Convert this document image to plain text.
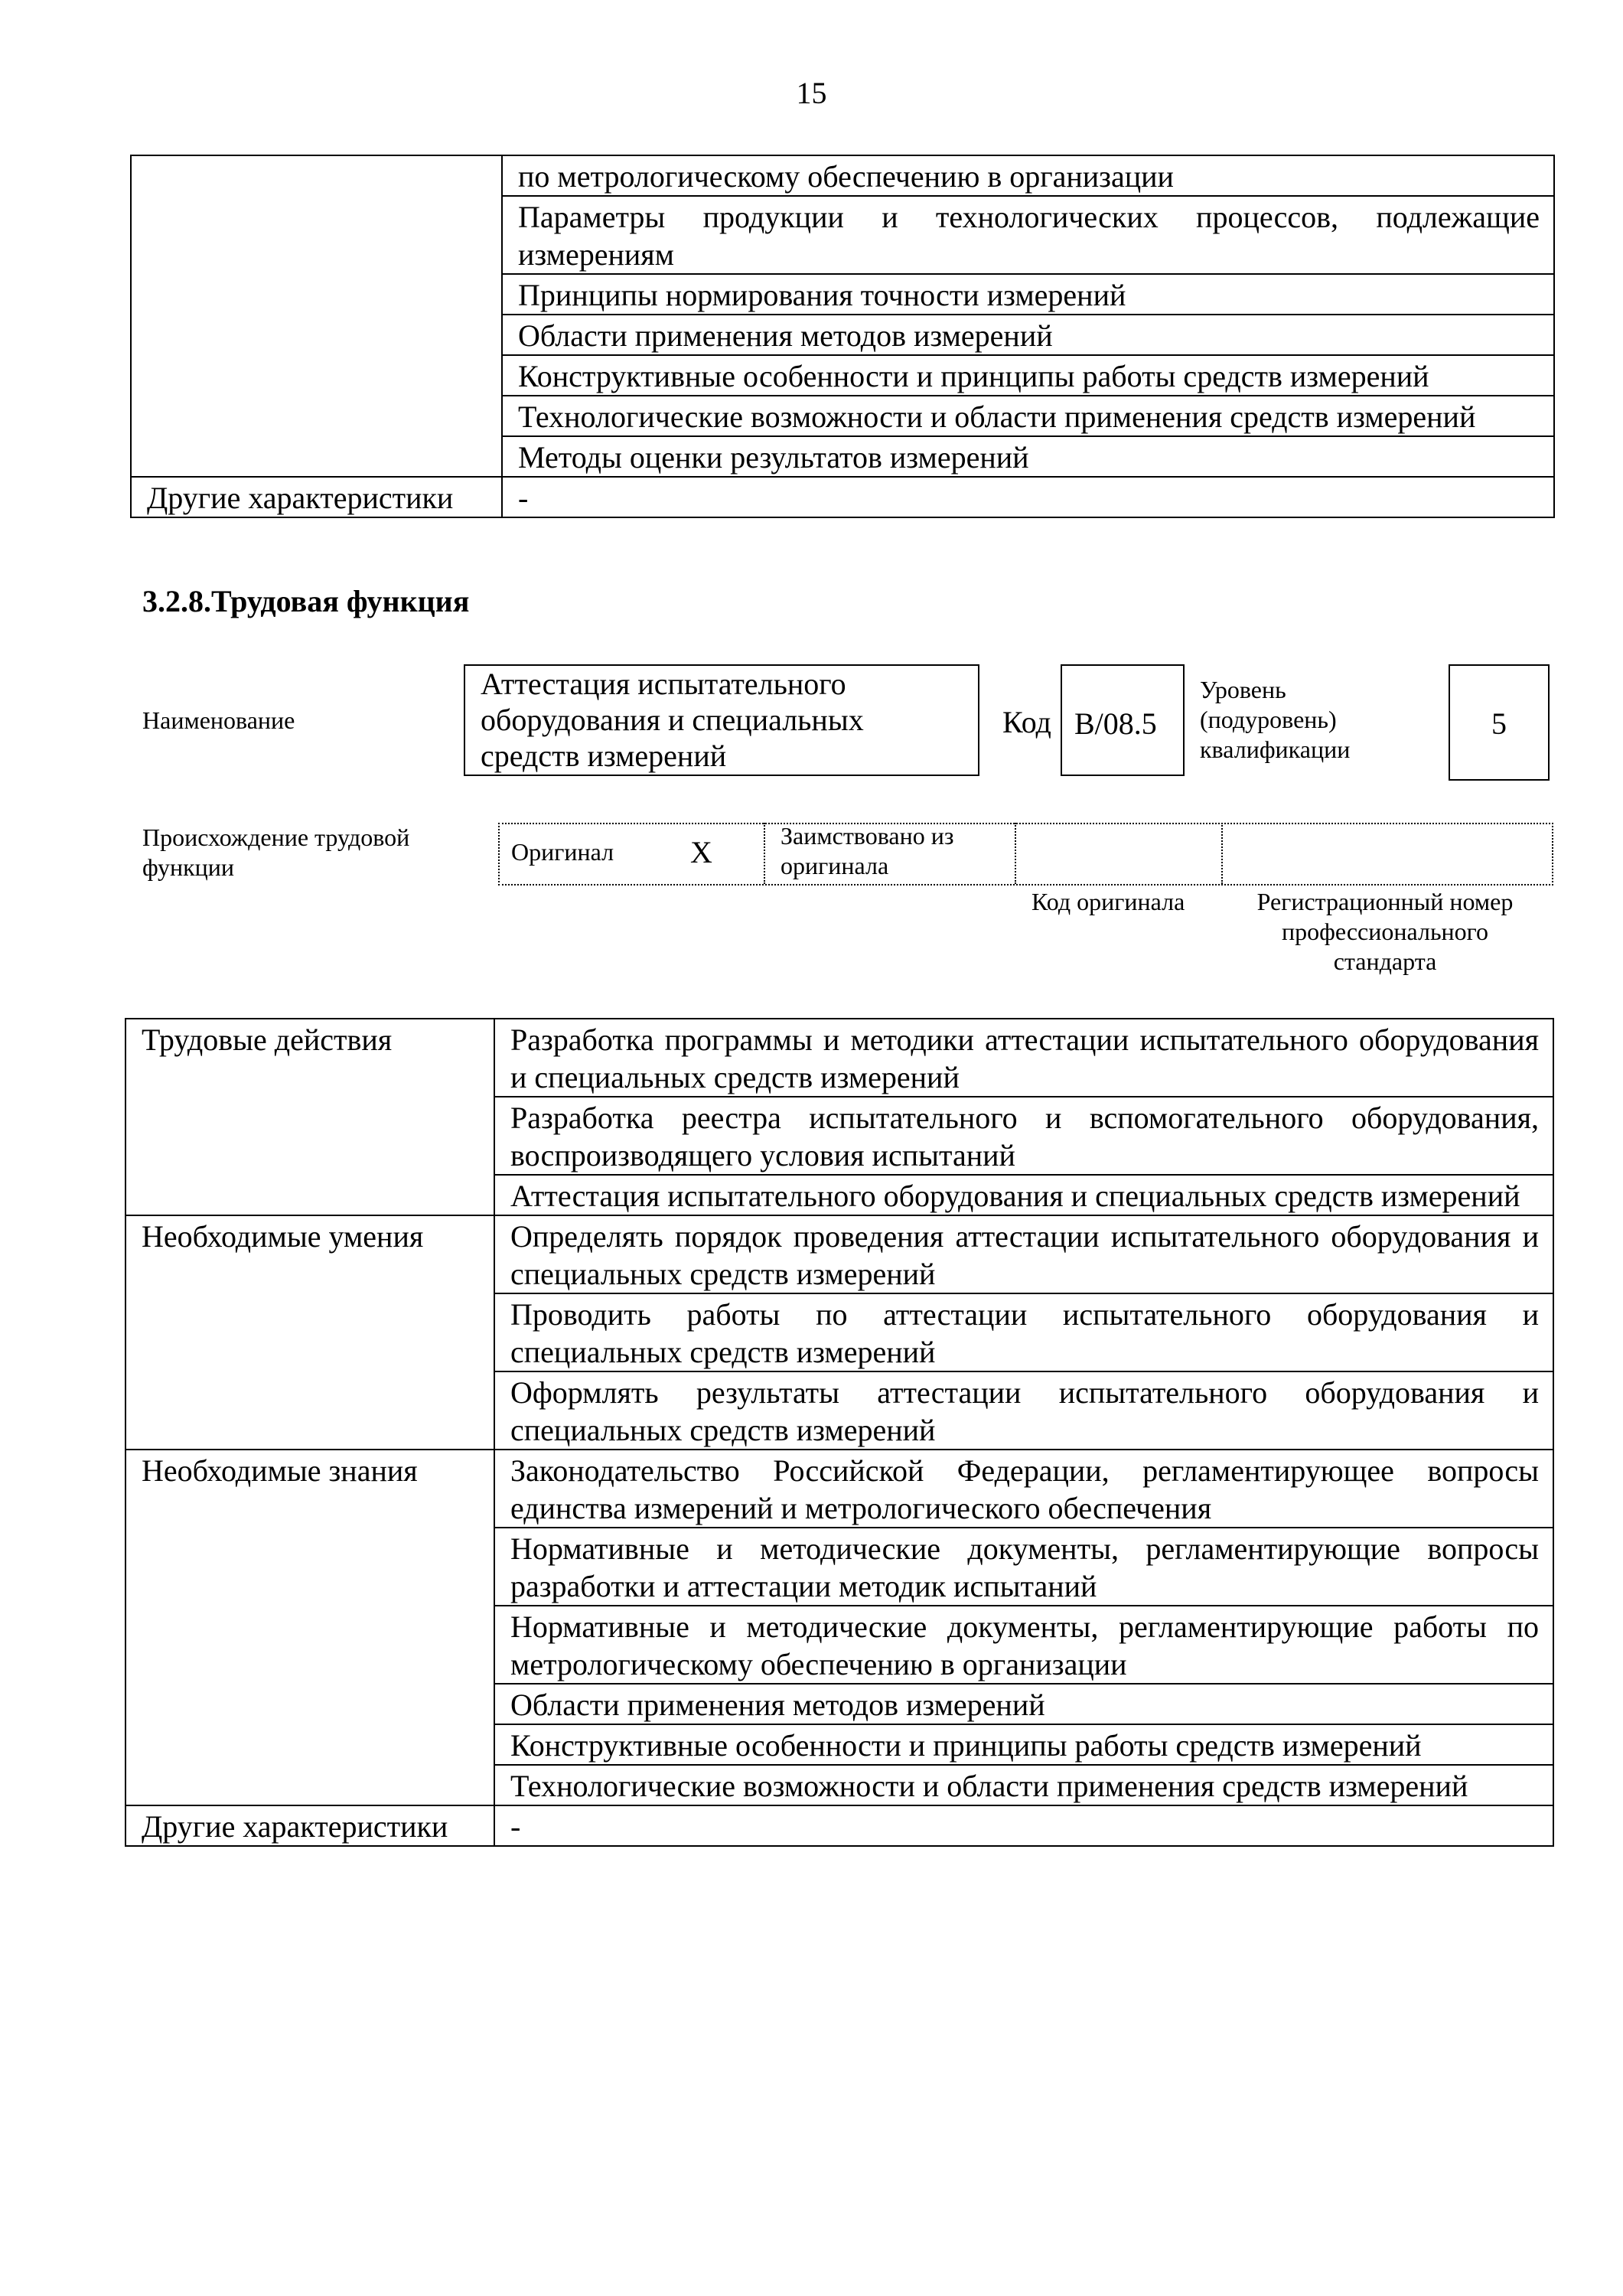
15
	по метрологическому обеспечению в организации
	Параметры продукции и технологических процессов, подлежащие измерениям
	Принципы нормирования точности измерений
	Области применения методов измерений
	Конструктивные особенности и принципы работы средств измерений
	Технологические возможности и области применения средств измерений
	Методы оценки результатов измерений
Другие характеристики	-
3.2.8.Трудовая функция
Наименование
Аттестация испытательного оборудования и специальных средств измерений
Код B/08.5
Уровень (подуровень) квалификации
5
Происхождение трудовой функции
Оригинал X	Заимствовано из оригинала
Код оригинала	Регистрационный номер профессионального стандарта
Трудовые действия	Разработка программы и методики аттестации испытательного оборудования и специальных средств измерений
	Разработка реестра испытательного и вспомогательного оборудования, воспроизводящего условия испытаний
	Аттестация испытательного оборудования и специальных средств измерений
Необходимые умения	Определять порядок проведения аттестации испытательного оборудования и специальных средств измерений
	Проводить работы по аттестации испытательного оборудования и специальных средств измерений
	Оформлять результаты аттестации испытательного оборудования и специальных средств измерений
Необходимые знания	Законодательство Российской Федерации, регламентирующее вопросы единства измерений и метрологического обеспечения
	Нормативные и методические документы, регламентирующие вопросы разработки и аттестации методик испытаний
	Нормативные и методические документы, регламентирующие работы по метрологическому обеспечению в организации
	Области применения методов измерений
	Конструктивные особенности и принципы работы средств измерений
	Технологические возможности и области применения средств измерений
Другие характеристики	-
